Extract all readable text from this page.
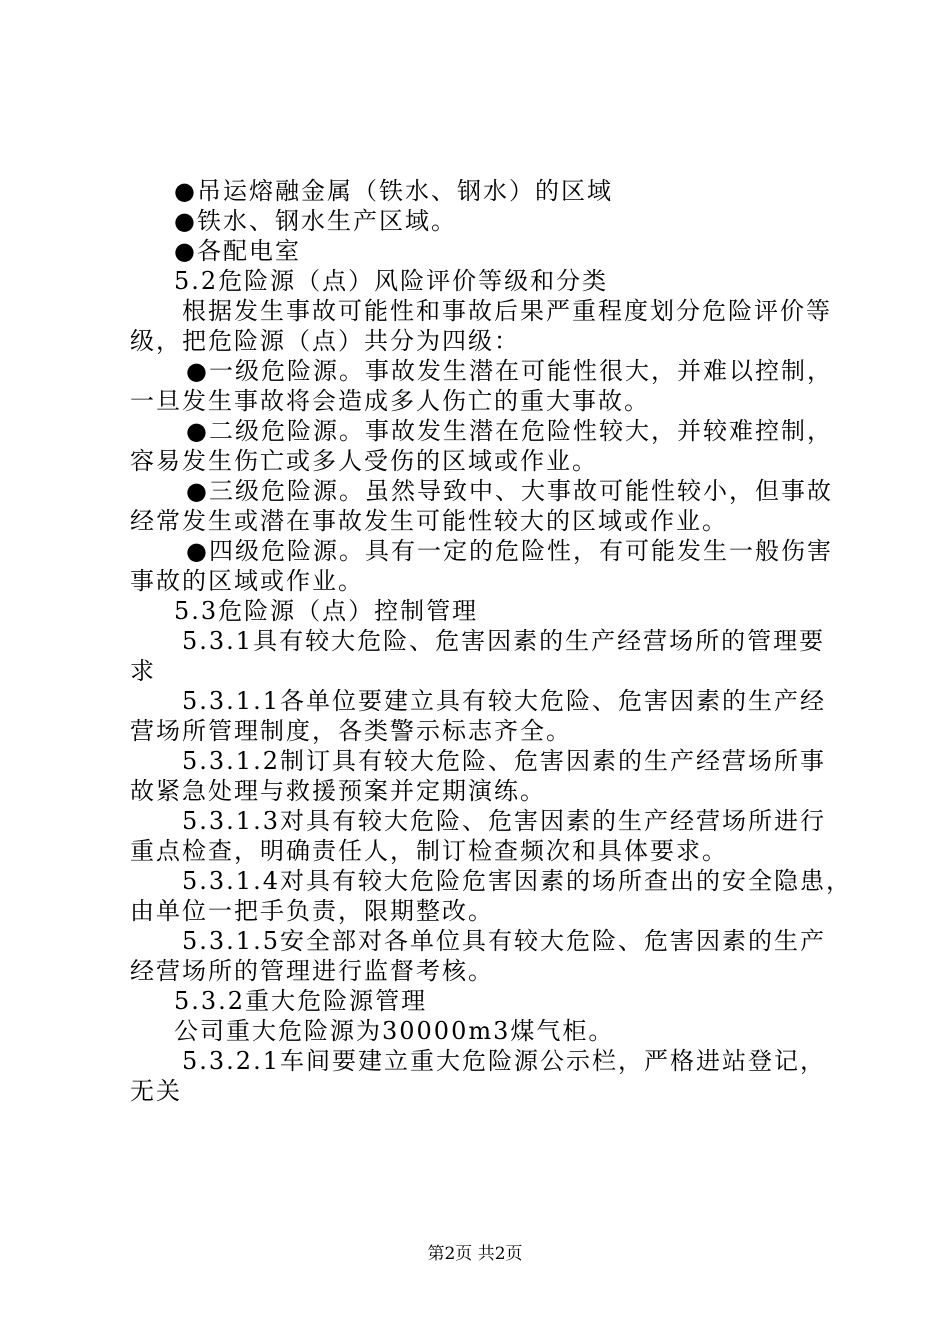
●吊运熔融金属（铁水、钢水）的区域
●铁水、钢水生产区域。
●各配电室
5.2危险源（点）风险评价等级和分类
根据发生事故可能性和事故后果严重程度划分危险评价等
级，把危险源（点）共分为四级：
●一级危险源。事故发生潜在可能性很大，并难以控制，
一旦发生事故将会造成多人伤亡的重大事故。
●二级危险源。事故发生潜在危险性较大，并较难控制，
容易发生伤亡或多人受伤的区域或作业。
●三级危险源。虽然导致中、大事故可能性较小，但事故
经常发生或潜在事故发生可能性较大的区域或作业。
●四级危险源。具有一定的危险性，有可能发生一般伤害
事故的区域或作业。
5.3危险源（点）控制管理
5.3.1具有较大危险、危害因素的生产经营场所的管理要
求
5.3.1.1各单位要建立具有较大危险、危害因素的生产经
营场所管理制度，各类警示标志齐全。
5.3.1.2制订具有较大危险、危害因素的生产经营场所事
故紧急处理与救援预案并定期演练。
5.3.1.3对具有较大危险、危害因素的生产经营场所进行
重点检查，明确责任人，制订检查频次和具体要求。
5.3.1.4对具有较大危险危害因素的场所查出的安全隐患，
由单位一把手负责，限期整改。
5.3.1.5安全部对各单位具有较大危险、危害因素的生产
经营场所的管理进行监督考核。
5.3.2重大危险源管理
公司重大危险源为30000m3煤气柜。
5.3.2.1车间要建立重大危险源公示栏，严格进站登记，
无关
第2页 共2页
